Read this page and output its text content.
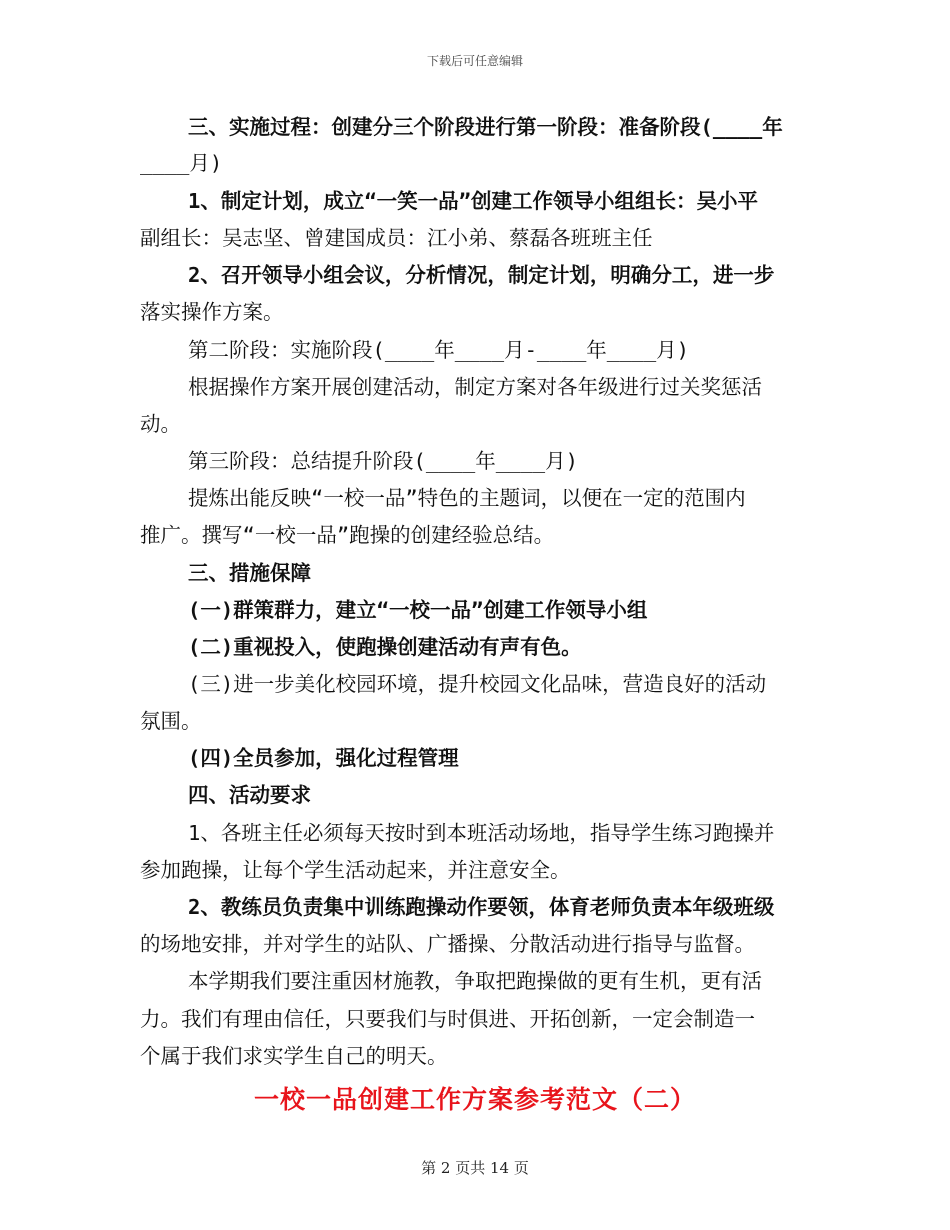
下载后可任意编辑
三、实施过程：创建分三个阶段进行第一阶段：准备阶段(____年
____月)
1、制定计划，成立“一笑一品”创建工作领导小组组长：吴小平
副组长：吴志坚、曾建国成员：江小弟、蔡磊各班班主任
2、召开领导小组会议，分析情况，制定计划，明确分工，进一步
落实操作方案。
第二阶段：实施阶段(____年____月-____年____月)
根据操作方案开展创建活动，制定方案对各年级进行过关奖惩活
动。
第三阶段：总结提升阶段(____年____月)
提炼出能反映“一校一品”特色的主题词，以便在一定的范围内
推广。撰写“一校一品”跑操的创建经验总结。
三、措施保障
(一)群策群力，建立“一校一品”创建工作领导小组
(二)重视投入，使跑操创建活动有声有色。
(三)进一步美化校园环境，提升校园文化品味，营造良好的活动
氛围。
(四)全员参加，强化过程管理
四、活动要求
1、各班主任必须每天按时到本班活动场地，指导学生练习跑操并
参加跑操，让每个学生活动起来，并注意安全。
2、教练员负责集中训练跑操动作要领，体育老师负责本年级班级
的场地安排，并对学生的站队、广播操、分散活动进行指导与监督。
本学期我们要注重因材施教，争取把跑操做的更有生机，更有活
力。我们有理由信任，只要我们与时俱进、开拓创新，一定会制造一
个属于我们求实学生自己的明天。
一校一品创建工作方案参考范文（二）
第 2 页共 14 页
